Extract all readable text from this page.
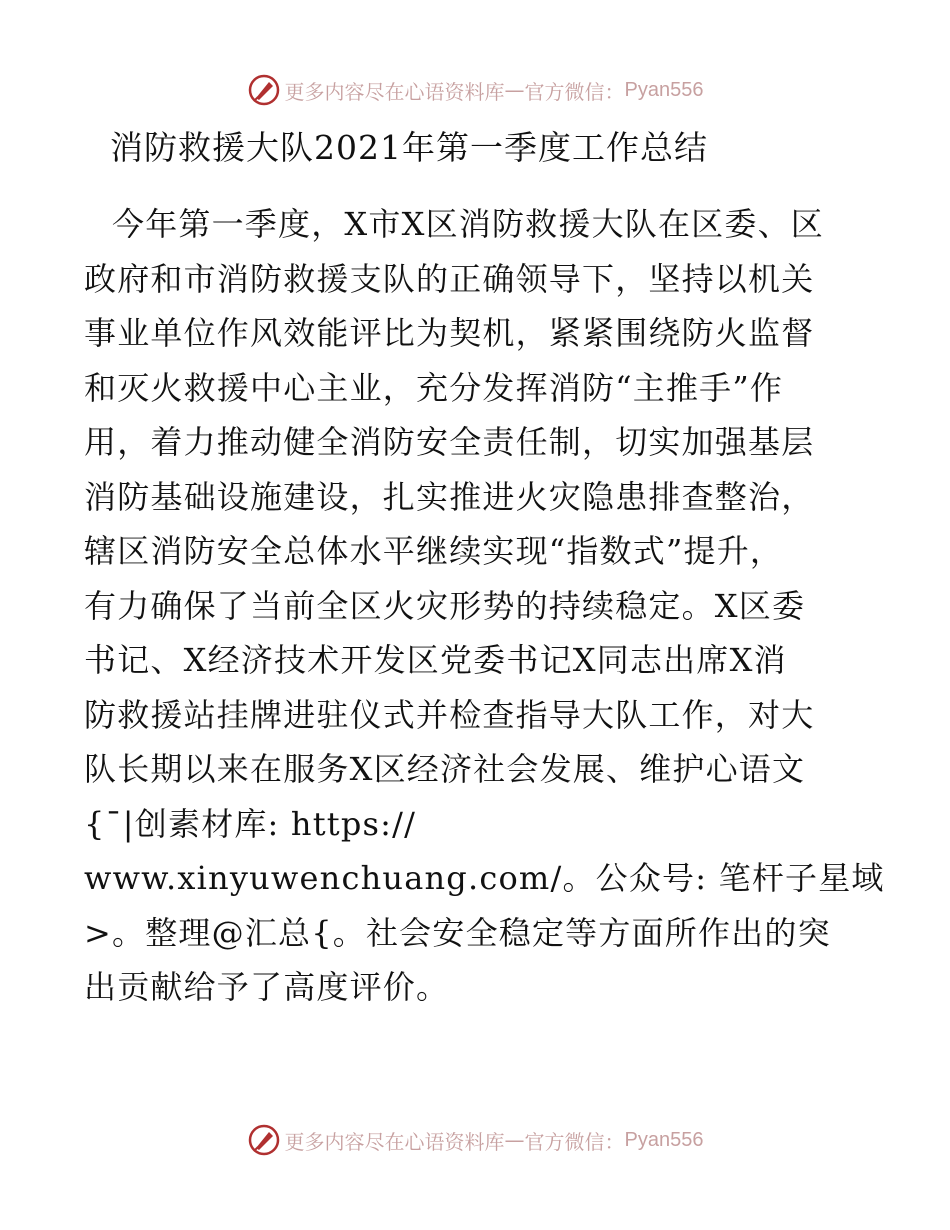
更多内容尽在心语资料库 — 官方微信： Pyan556
消防救援大队2021年第一季度工作总结
今年第一季度，X市X区消防救援大队在区委、区
政府和市消防救援支队的正确领导下，坚持以机关
事业单位作风效能评比为契机，紧紧围绕防火监督
和灭火救援中心主业，充分发挥消防“主推手”作
用，着力推动健全消防安全责任制，切实加强基层
消防基础设施建设，扎实推进火灾隐患排查整治，
辖区消防安全总体水平继续实现“指数式”提升，
有力确保了当前全区火灾形势的持续稳定。X区委
书记、X经济技术开发区党委书记X同志出席X消
防救援站挂牌进驻仪式并检查指导大队工作，对大
队长期以来在服务X区经济社会发展、维护心语文
{¯|创素材库: https://
www.xinyuwenchuang.com/。公众号: 笔杆子星域
>。整理@汇总{。社会安全稳定等方面所作出的突
出贡献给予了高度评价。
更多内容尽在心语资料库 — 官方微信： Pyan556
